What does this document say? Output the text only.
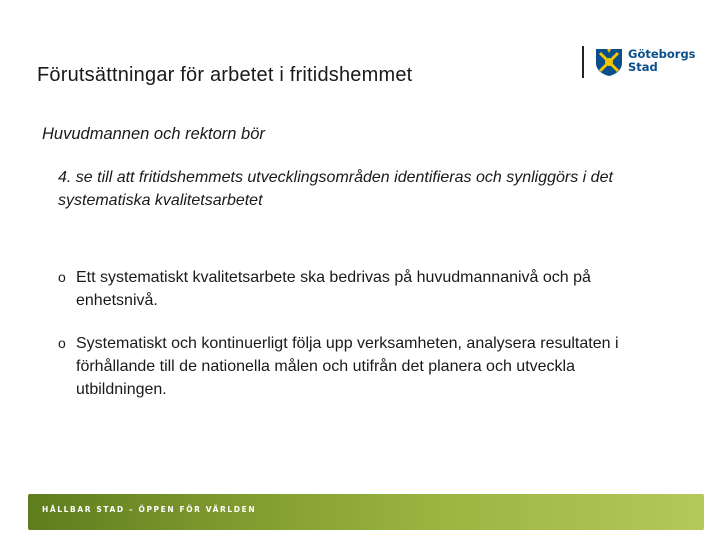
Förutsättningar för arbetet i fritidshemmet
Göteborgs
Stad
Huvudmannen och rektorn bör
4. se till att fritidshemmets utvecklingsområden identifieras och synliggörs i det systematiska kvalitetsarbetet
o Ett systematiskt kvalitetsarbete ska bedrivas på huvudmannanivå och på enhetsnivå.
o Systematiskt och kontinuerligt följa upp verksamheten, analysera resultaten i förhållande till de nationella målen och utifrån det planera och utveckla utbildningen.
HÅLLBAR STAD – ÖPPEN FÖR VÄRLDEN
